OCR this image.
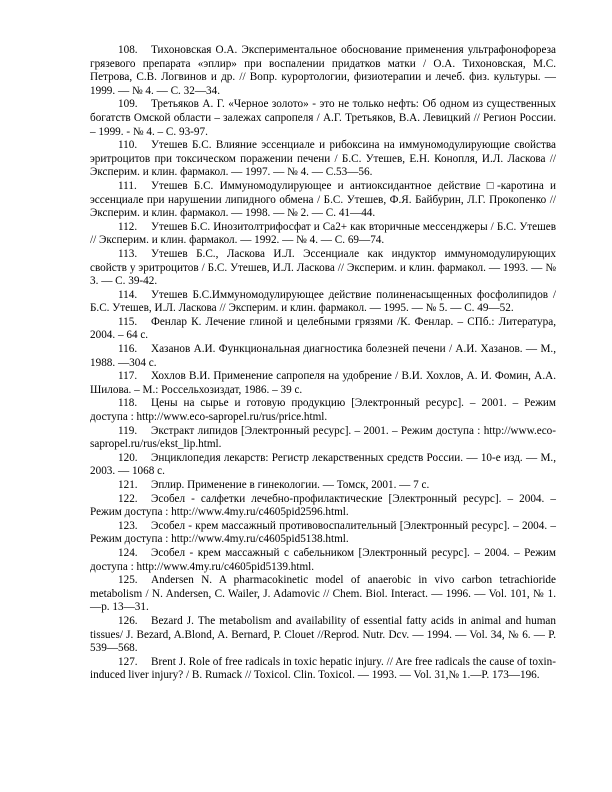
108. Тихоновская О.А. Экспериментальное обоснование применения ультрафонофореза грязевого препарата «эплир» при воспалении придатков матки / О.А. Тихоновская, М.С. Петрова, С.В. Логвинов и др. // Вопр. курортологии, физиотерапии и лечеб. физ. культуры. — 1999. — № 4. — С. 32—34.

109. Третьяков А. Г. «Черное золото» - это не только нефть: Об одном из существенных богатств Омской области – залежах сапропеля / А.Г. Третьяков, В.А. Левицкий // Регион России. – 1999. - № 4. – С. 93-97.

110. Утешев Б.С. Влияние эссенциале и рибоксина на иммуномодулирующие свойства эритроцитов при токсическом поражении печени / Б.С. Утешев, Е.Н. Конопля, И.Л. Ласкова // Эксперим. и клин. фармакол. — 1997. — № 4. — С.53—56.

111. Утешев Б.С. Иммуномодулирующее и антиоксидантное действие □-каротина и эссенциале при нарушении липидного обмена / Б.С. Утешев, Ф.Я. Байбурин, Л.Г. Прокопенко // Эксперим. и клин. фармакол. — 1998. — № 2. — С. 41—44.

112. Утешев Б.С. Инозитолтрифосфат и Ca2+ как вторичные мессенджеры / Б.С. Утешев // Эксперим. и клин. фармакол. — 1992. — № 4. — С. 69—74.

113. Утешев Б.С., Ласкова И.Л. Эссенциале как индуктор иммуномодулирующих свойств у эритроцитов / Б.С. Утешев, И.Л. Ласкова // Эксперим. и клин. фармакол. — 1993. — № 3. — С. 39-42.

114. Утешев Б.С.Иммуномодулирующее действие полиненасыщенных фосфолипидов / Б.С. Утешев, И.Л. Ласкова // Эксперим. и клин. фармакол. — 1995. — № 5. — С. 49—52.

115. Фенлар К. Лечение глиной и целебными грязями /К. Фенлар. – СПб.: Литература, 2004. – 64 с.

116. Хазанов А.И. Функциональная диагностика болезней печени / А.И. Хазанов. — М., 1988. —304 с.

117. Хохлов В.И. Применение сапропеля на удобрение / В.И. Хохлов, А. И. Фомин, А.А. Шилова. – М.: Россельхозиздат, 1986. – 39 с.

118. Цены на сырье и готовую продукцию [Электронный ресурс]. – 2001. – Режим доступа : http://www.eco-sapropel.ru/rus/price.html.

119. Экстракт липидов [Электронный ресурс]. – 2001. – Режим доступа : http://www.eco-sapropel.ru/rus/ekst_lip.html.

120. Энциклопедия лекарств: Регистр лекарственных средств России. — 10-е изд. — М., 2003. — 1068 с.

121. Эплир. Применение в гинекологии. — Томск, 2001. — 7 с.

122. Эсобел - салфетки лечебно-профилактические [Электронный ресурс]. – 2004. – Режим доступа : http://www.4my.ru/c4605pid2596.html.

123. Эсобел - крем массажный противовоспалительный [Электронный ресурс]. – 2004. – Режим доступа : http://www.4my.ru/c4605pid5138.html.

124. Эсобел - крем массажный с сабельником [Электронный ресурс]. – 2004. – Режим доступа : http://www.4my.ru/c4605pid5139.html.

125. Andersen N. A pharmacokinetic model of anaerobic in vivo carbon tetrachioride metabolism / N. Andersen, C. Wailer, J. Adamovic // Chem. Biol. Interact. — 1996. — Vol. 101, № 1.—p. 13—31.

126. Bezard J. The metabolism and availability of essential fatty acids in animal and human tissues/ J. Bezard, A.Blond, A. Bernard, P. Clouet //Reprod. Nutr. Dcv. — 1994. — Vol. 34, № 6. — P. 539—568.

127. Brent J. Role of free radicals in toxic hepatic injury. // Are free radicals the cause of toxin-induced liver injury? / B. Rumack // Toxicol. Clin. Toxicol. — 1993. — Vol. 31,№ 1.—P. 173—196.
